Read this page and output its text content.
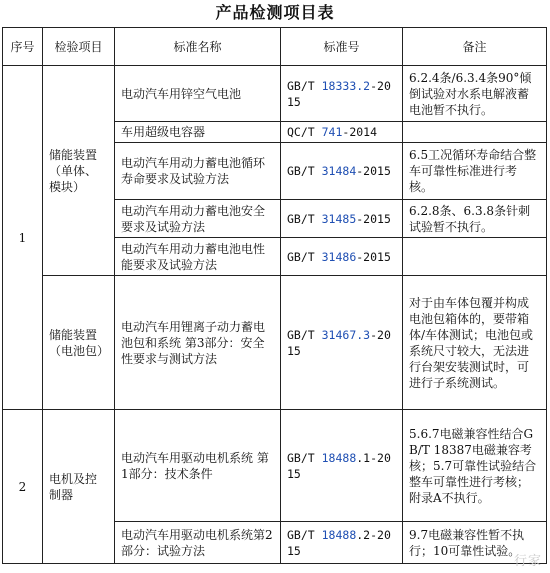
产品检测项目表
序号	检验项目	标准名称	标准号	备注
1	储能装置（单体、模块）	电动汽车用锌空气电池	GB/T 18333.2-2015	6.2.4条/6.3.4条90°倾倒试验对水系电解液蓄电池暂不执行。
		车用超级电容器	QC/T 741-2014	
		电动汽车用动力蓄电池循环寿命要求及试验方法	GB/T 31484-2015	6.5工况循环寿命结合整车可靠性标准进行考核。
		电动汽车用动力蓄电池安全要求及试验方法	GB/T 31485-2015	6.2.8条、6.3.8条针刺试验暂不执行。
		电动汽车用动力蓄电池电性能要求及试验方法	GB/T 31486-2015	
	储能装置（电池包）	电动汽车用锂离子动力蓄电池包和系统 第3部分：安全性要求与测试方法	GB/T 31467.3-2015	对于由车体包覆并构成电池包箱体的，要带箱体/车体测试；电池包或系统尺寸较大，无法进行台架安装测试时，可进行子系统测试。
2	电机及控制器	电动汽车用驱动电机系统 第1部分：技术条件	GB/T 18488.1-2015	5.6.7电磁兼容性结合GB/T 18387电磁兼容考核；5.7可靠性试验结合整车可靠性进行考核；附录A不执行。
		电动汽车用驱动电机系统第2部分：试验方法	GB/T 18488.2-2015	9.7电磁兼容性暂不执行；10可靠性试验。
行家
